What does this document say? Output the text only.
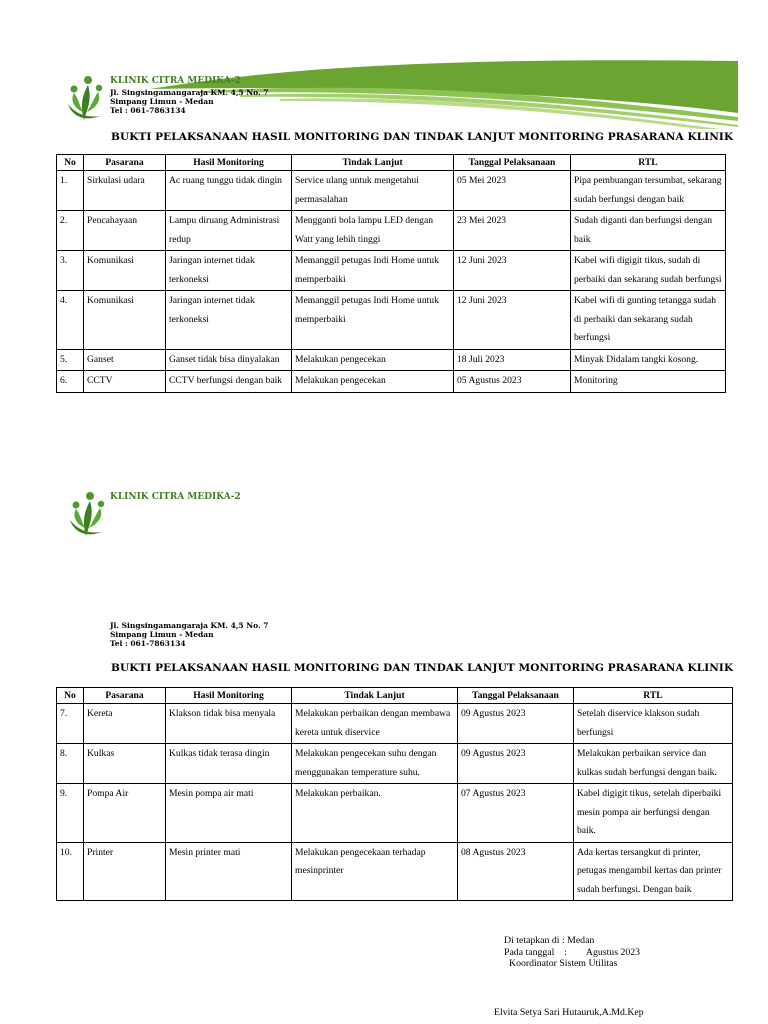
KLINIK CITRA MEDIKA-2
Jl. Singsingamangaraja KM. 4,5 No. 7
Simpang Limun - Medan
Tel : 061-7863134
BUKTI PELAKSANAAN HASIL MONITORING DAN TINDAK LANJUT MONITORING PRASARANA KLINIK
No	Pasarana	Hasil Monitoring	Tindak Lanjut	Tanggal Pelaksanaan	RTL
1.	Sirkulasi udara	Ac ruang tunggu tidak dingin	Service ulang untuk mengetahui permasalahan	05 Mei 2023	Pipa pembuangan tersumbat, sekarang sudah berfungsi dengan baik
2.	Pencahayaan	Lampu diruang Administrasi redup	Mengganti bola lampu LED dengan Watt yang lebih tinggi	23 Mei 2023	Sudah diganti dan berfungsi dengan baik
3.	Komunikasi	Jaringan internet tidak terkoneksi	Memanggil petugas Indi Home untuk memperbaiki	12 Juni 2023	Kabel wifi digigit tikus, sudah di perbaiki dan sekarang sudah berfungsi
4.	Komunikasi	Jaringan internet tidak terkoneksi	Memanggil petugas Indi Home untuk memperbaiki	12 Juni 2023	Kabel wifi di gunting tetangga sudah di perbaiki dan sekarang sudah berfungsi
5.	Ganset	Ganset tidak bisa dinyalakan	Melakukan pengecekan	18 Juli 2023	Minyak Didalam tangki kosong.
6.	CCTV	CCTV berfungsi dengan baik	Melakukan pengecekan	05 Agustus 2023	Monitoring
KLINIK CITRA MEDIKA-2
Jl. Singsingamangaraja KM. 4,5 No. 7
Simpang Limun - Medan
Tel : 061-7863134
BUKTI PELAKSANAAN HASIL MONITORING DAN TINDAK LANJUT MONITORING PRASARANA KLINIK
No	Pasarana	Hasil Monitoring	Tindak Lanjut	Tanggal Pelaksanaan	RTL
7.	Kereta	Klakson tidak bisa menyala	Melakukan perbaikan dengan membawa kereta untuk diservice	09 Agustus 2023	Setelah diservice klakson sudah berfungsi
8.	Kulkas	Kulkas tidak terasa dingin	Melakukan pengecekan suhu dengan menggunakan temperature suhu.	09 Agustus 2023	Melakukan perbaikan service dan kulkas sudah berfungsi dengan baik.
9.	Pompa Air	Mesin pompa air mati	Melakukan perbaikan.	07 Agustus 2023	Kabel digigit tikus, setelah diperbaiki mesin pompa air berfungsi dengan baik.
10.	Printer	Mesin printer mati	Melakukan pengecekaan terhadap mesinprinter	08 Agustus 2023	Ada kertas tersangkut di printer, petugas mengambil kertas dan printer sudah berfungsi. Dengan baik
Di tetapkan di : Medan
Pada tanggal    :        Agustus 2023
Koordinator Sistem Utilitas
Elvita Setya Sari Hutauruk,A.Md.Kep
